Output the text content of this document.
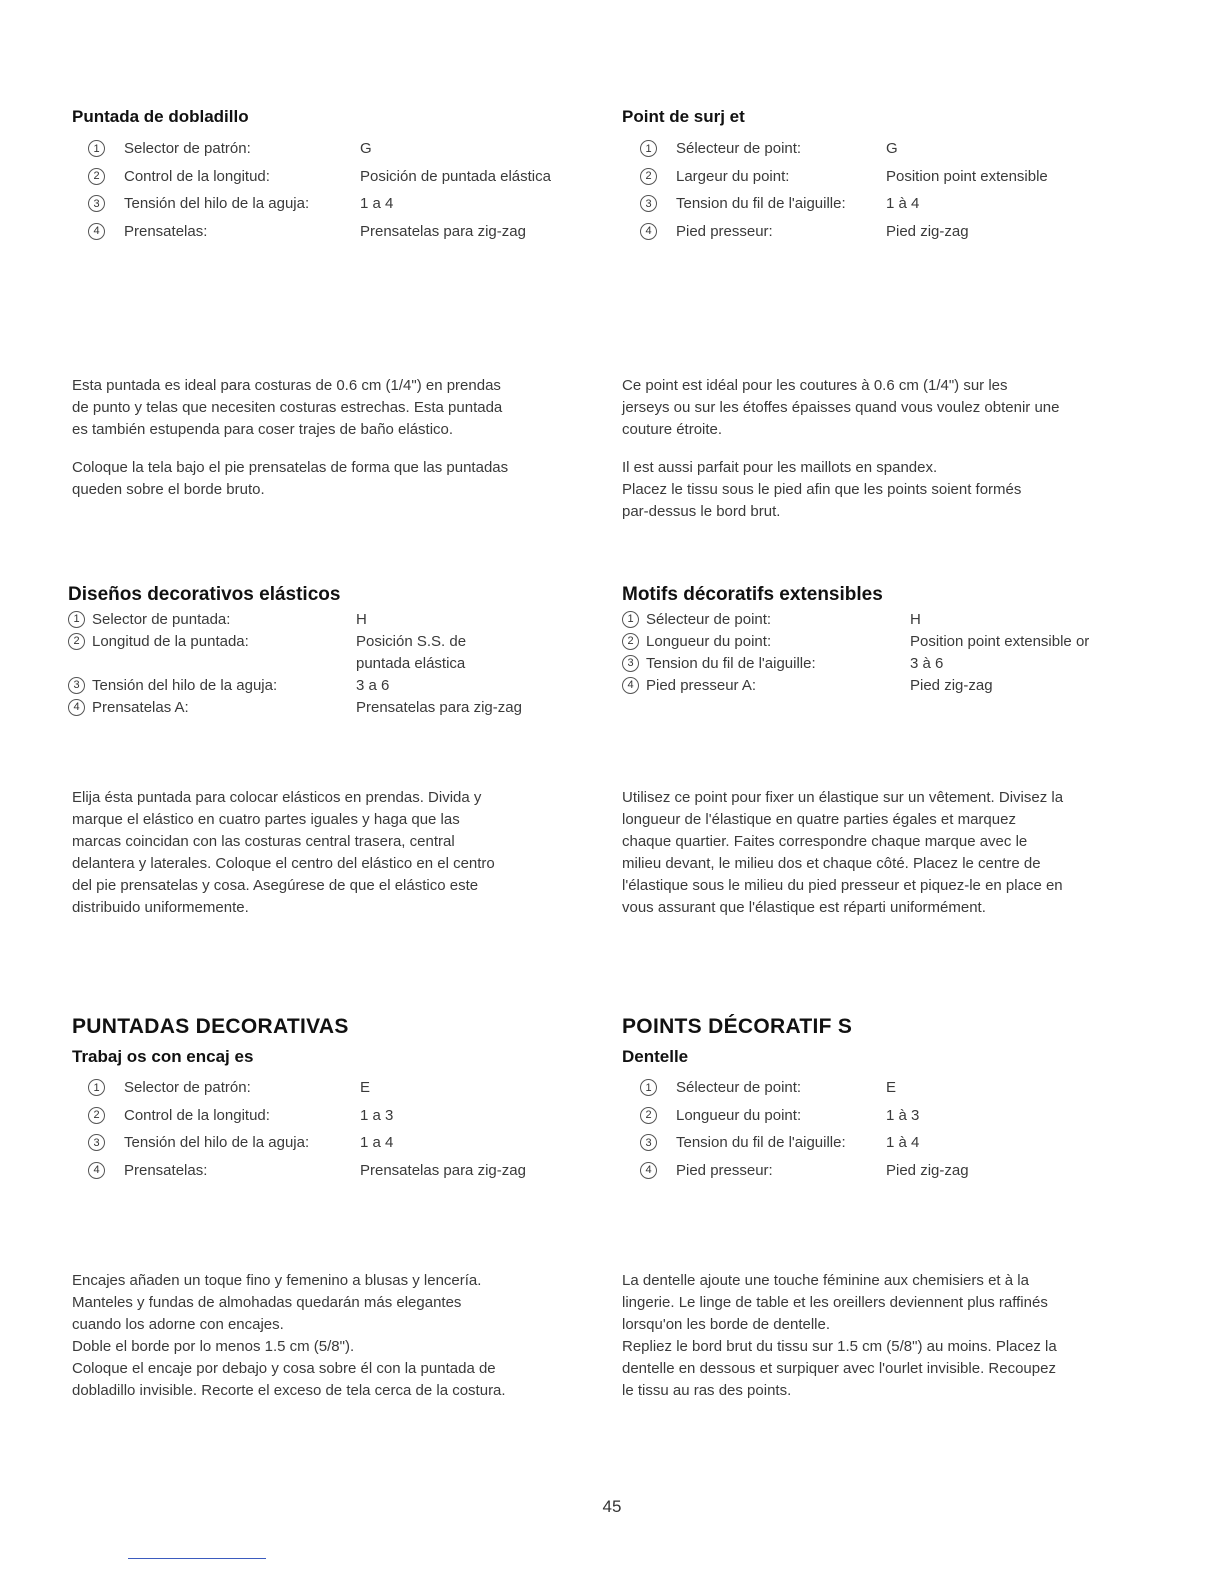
Puntada de dobladillo
1	Selector de patrón:	G
2	Control de la longitud:	Posición de puntada elástica
3	Tensión del hilo de la aguja:	1 a 4
4	Prensatelas:	Prensatelas para zig-zag

Esta puntada es ideal para costuras de 0.6 cm (1/4") en prendas
de punto y telas que necesiten costuras estrechas. Esta puntada
es también estupenda para coser trajes de baño elástico.

Coloque la tela bajo el pie prensatelas de forma que las puntadas
queden sobre el borde bruto.

Diseños decorativos elásticos
1 Selector de puntada:	H
2 Longitud de la puntada:	Posición S.S. de
puntada elástica
3 Tensión del hilo de la aguja:	3 a 6
4 Prensatelas A:	Prensatelas para zig-zag

Elija ésta puntada para colocar elásticos en prendas. Divida y
marque el elástico en cuatro partes iguales y haga que las
marcas coincidan con las costuras central trasera, central
delantera y laterales. Coloque el centro del elástico en el centro
del pie prensatelas y cosa. Asegúrese de que el elástico este
distribuido uniformemente.

PUNTADAS DECORATIVAS
Trabaj os con encaj es
1	Selector de patrón:	E
2	Control de la longitud:	1 a 3
3	Tensión del hilo de la aguja:	1 a 4
4	Prensatelas:	Prensatelas para zig-zag

Encajes añaden un toque fino y femenino a blusas y lencería.
Manteles y fundas de almohadas quedarán más elegantes
cuando los adorne con encajes.
Doble el borde por lo menos 1.5 cm (5/8").
Coloque el encaje por debajo y cosa sobre él con la puntada de
dobladillo invisible. Recorte el exceso de tela cerca de la costura.

Point de surj et
1	Sélecteur de point:	G
2	Largeur du point:	Position point extensible
3	Tension du fil de l'aiguille:	1 à 4
4	Pied presseur:	Pied zig-zag

Ce point est idéal pour les coutures à 0.6 cm (1/4") sur les
jerseys ou sur les étoffes épaisses quand vous voulez obtenir une
couture étroite.

Il est aussi parfait pour les maillots en spandex.
Placez le tissu sous le pied afin que les points soient formés
par-dessus le bord brut.

Motifs décoratifs extensibles
1 Sélecteur de point:	H
2 Longueur du point:	Position point extensible or
3 Tension du fil de l'aiguille:	3 à 6
4 Pied presseur A:	Pied zig-zag

Utilisez ce point pour fixer un élastique sur un vêtement. Divisez la
longueur de l'élastique en quatre parties égales et marquez
chaque quartier. Faites correspondre chaque marque avec le
milieu devant, le milieu dos et chaque côté. Placez le centre de
l'élastique sous le milieu du pied presseur et piquez-le en place en
vous assurant que l'élastique est réparti uniformément.

POINTS DÉCORATIF S
Dentelle
1	Sélecteur de point:	E
2	Longueur du point:	1 à 3
3	Tension du fil de l'aiguille:	1 à 4
4	Pied presseur:	Pied zig-zag

La dentelle ajoute une touche féminine aux chemisiers et à la
lingerie. Le linge de table et les oreillers deviennent plus raffinés
lorsqu'on les borde de dentelle.
Repliez le bord brut du tissu sur 1.5 cm (5/8") au moins. Placez la
dentelle en dessous et surpiquer avec l'ourlet invisible. Recoupez
le tissu au ras des points.

45
